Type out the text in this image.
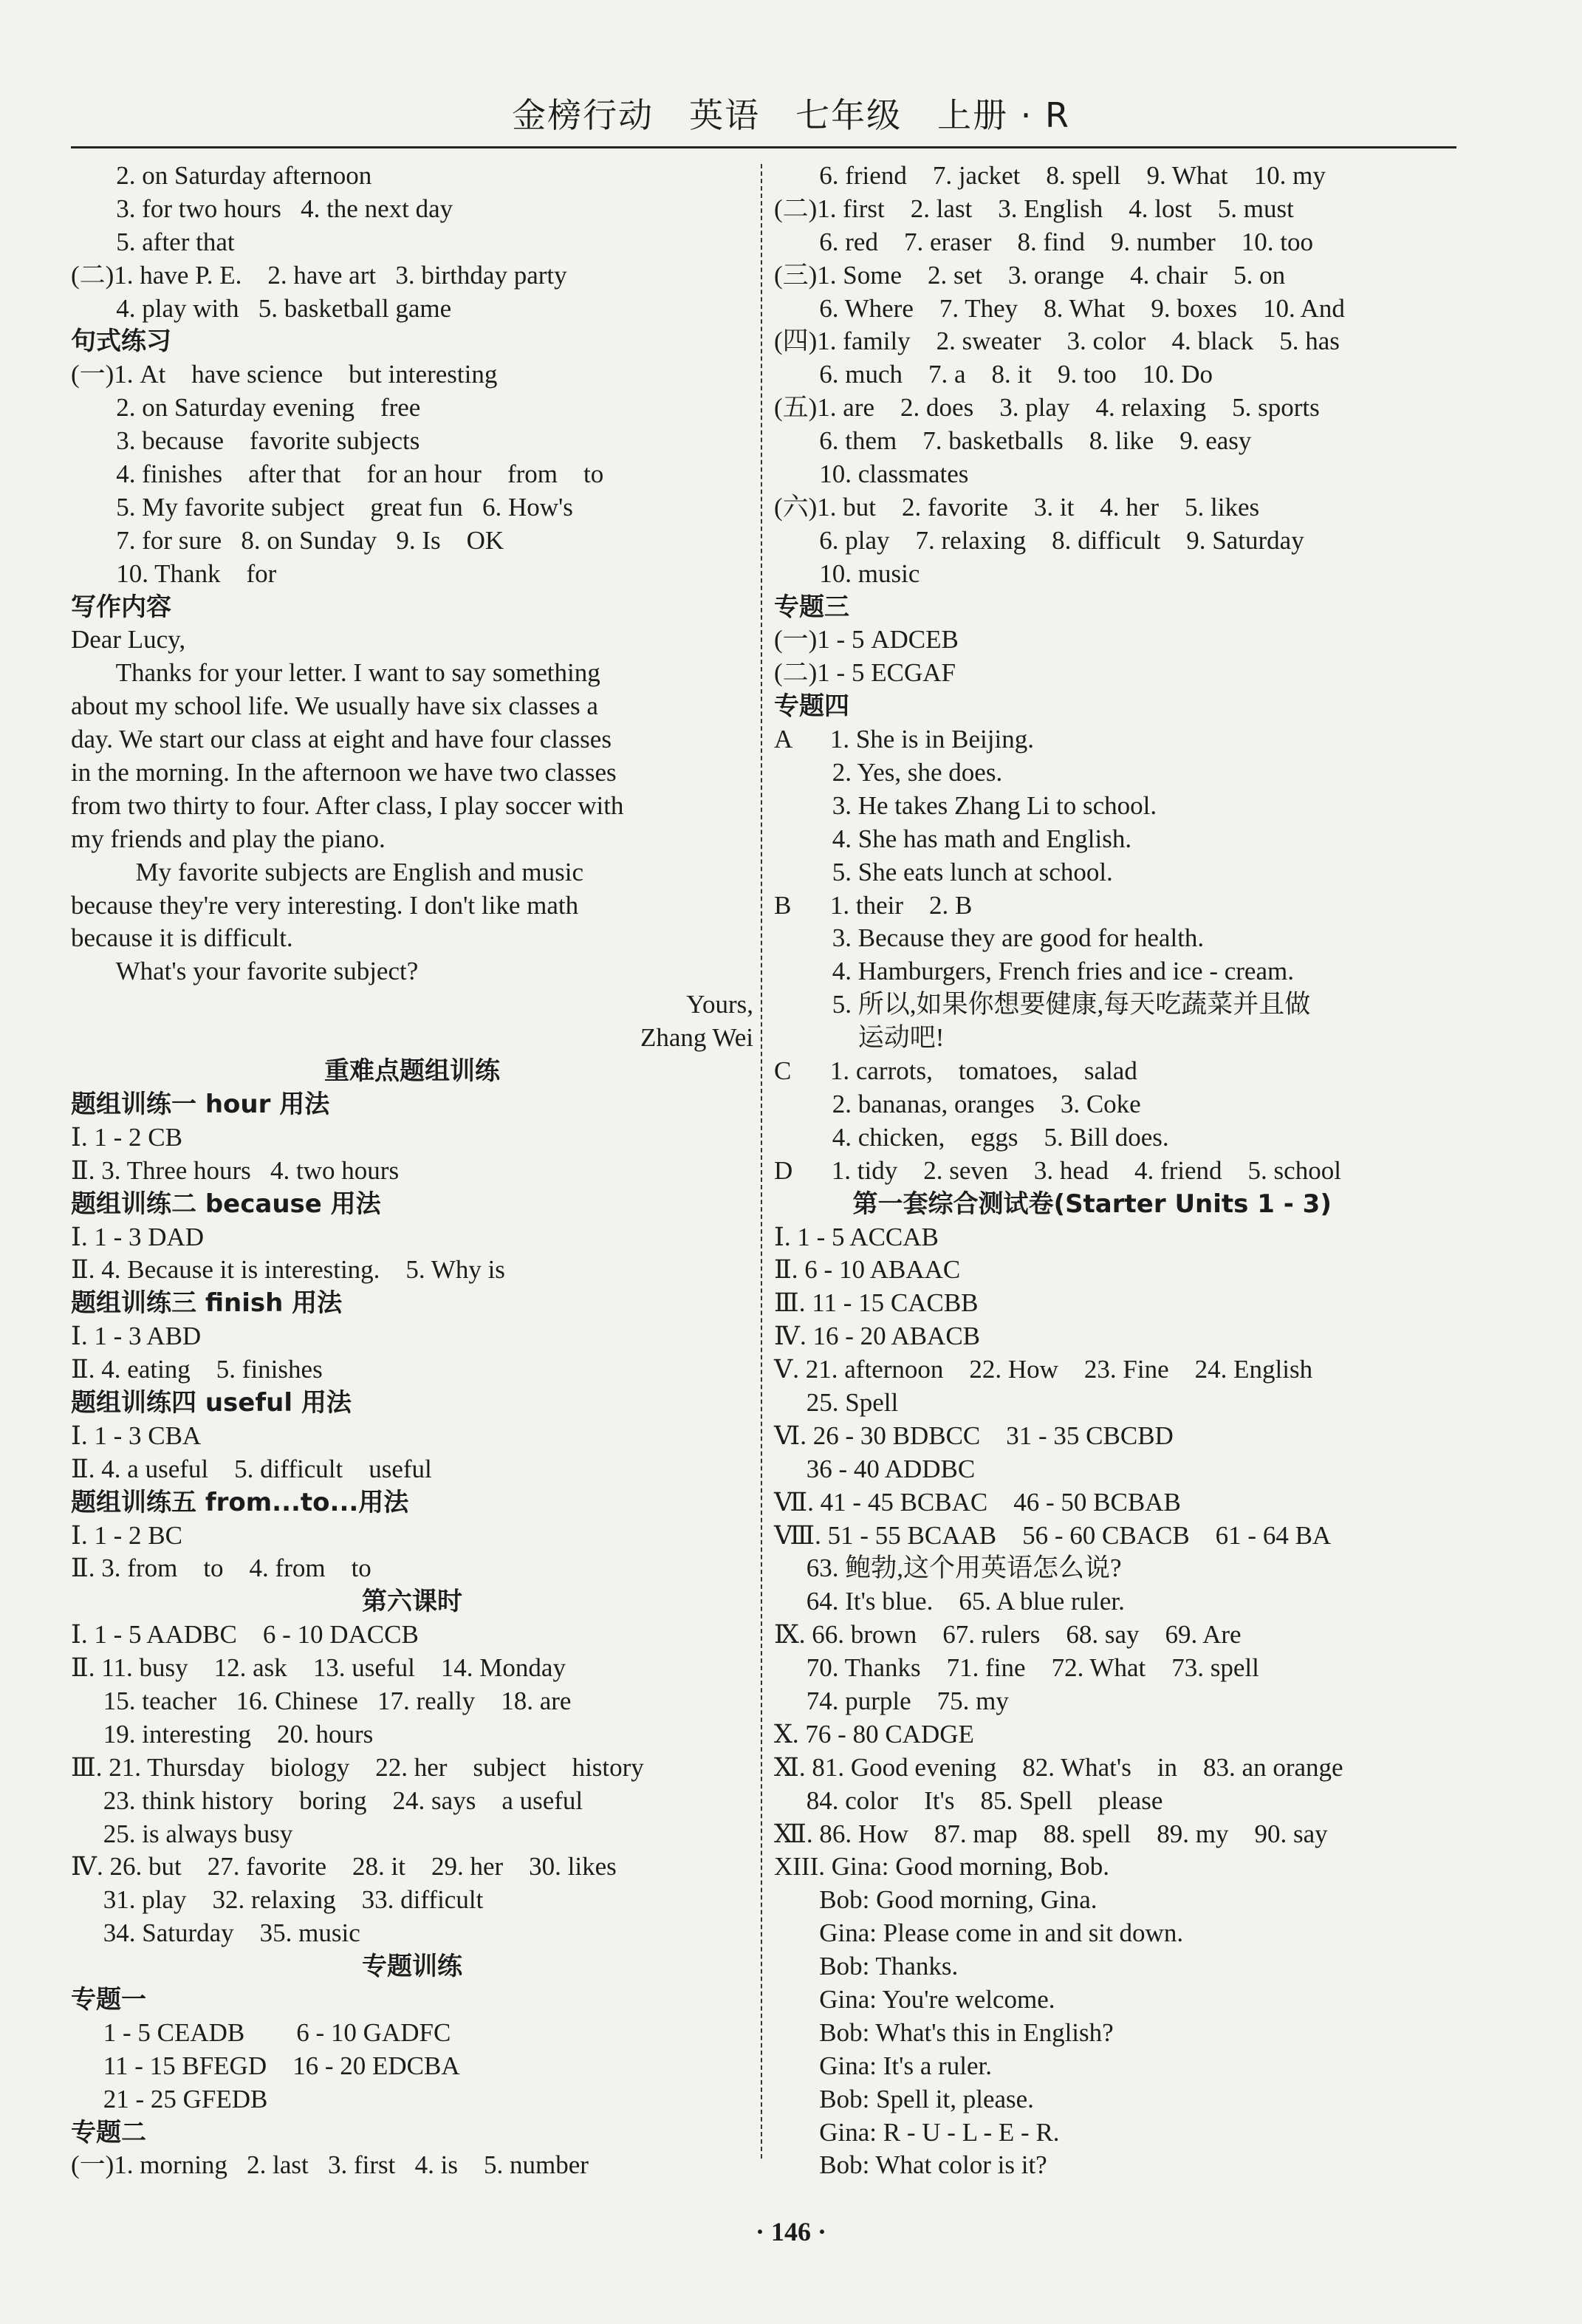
金榜行动　英语　七年级　上册 · R
2. on Saturday afternoon
3. for two hours   4. the next day
5. after that
(二)1. have P. E.    2. have art   3. birthday party
4. play with   5. basketball game
句式练习
(一)1. At    have science    but interesting
2. on Saturday evening    free
3. because    favorite subjects
4. finishes    after that    for an hour    from    to
5. My favorite subject    great fun   6. How's
7. for sure   8. on Sunday   9. Is    OK
10. Thank    for
写作内容
Dear Lucy,
Thanks for your letter. I want to say something
about my school life. We usually have six classes a
day. We start our class at eight and have four classes
in the morning. In the afternoon we have two classes
from two thirty to four. After class, I play soccer with
my friends and play the piano.
My favorite subjects are English and music
because they're very interesting. I don't like math
because it is difficult.
What's your favorite subject?
Yours,
Zhang Wei
重难点题组训练
题组训练一 hour 用法
Ⅰ. 1 - 2 CB
Ⅱ. 3. Three hours   4. two hours
题组训练二 because 用法
Ⅰ. 1 - 3 DAD
Ⅱ. 4. Because it is interesting.    5. Why is
题组训练三 finish 用法
Ⅰ. 1 - 3 ABD
Ⅱ. 4. eating    5. finishes
题组训练四 useful 用法
Ⅰ. 1 - 3 CBA
Ⅱ. 4. a useful    5. difficult    useful
题组训练五 from...to...用法
Ⅰ. 1 - 2 BC
Ⅱ. 3. from    to    4. from    to
第六课时
Ⅰ. 1 - 5 AADBC    6 - 10 DACCB
Ⅱ. 11. busy    12. ask    13. useful    14. Monday
15. teacher   16. Chinese   17. really    18. are
19. interesting    20. hours
Ⅲ. 21. Thursday    biology    22. her    subject    history
23. think history    boring    24. says    a useful
25. is always busy
Ⅳ. 26. but    27. favorite    28. it    29. her    30. likes
31. play    32. relaxing    33. difficult
34. Saturday    35. music
专题训练
专题一
1 - 5 CEADB        6 - 10 GADFC
11 - 15 BFEGD    16 - 20 EDCBA
21 - 25 GFEDB
专题二
(一)1. morning   2. last   3. first   4. is    5. number
6. friend    7. jacket    8. spell    9. What    10. my
(二)1. first    2. last    3. English    4. lost    5. must
6. red    7. eraser    8. find    9. number    10. too
(三)1. Some    2. set    3. orange    4. chair    5. on
6. Where    7. They    8. What    9. boxes    10. And
(四)1. family    2. sweater    3. color    4. black    5. has
6. much    7. a    8. it    9. too    10. Do
(五)1. are    2. does    3. play    4. relaxing    5. sports
6. them    7. basketballs    8. like    9. easy
10. classmates
(六)1. but    2. favorite    3. it    4. her    5. likes
6. play    7. relaxing    8. difficult    9. Saturday
10. music
专题三
(一)1 - 5 ADCEB
(二)1 - 5 ECGAF
专题四
A      1. She is in Beijing.
2. Yes, she does.
3. He takes Zhang Li to school.
4. She has math and English.
5. She eats lunch at school.
B      1. their    2. B
3. Because they are good for health.
4. Hamburgers, French fries and ice - cream.
5. 所以,如果你想要健康,每天吃蔬菜并且做
运动吧!
C      1. carrots,    tomatoes,    salad
2. bananas, oranges    3. Coke
4. chicken,    eggs    5. Bill does.
D      1. tidy    2. seven    3. head    4. friend    5. school
第一套综合测试卷(Starter Units 1 - 3)
Ⅰ. 1 - 5 ACCAB
Ⅱ. 6 - 10 ABAAC
Ⅲ. 11 - 15 CACBB
Ⅳ. 16 - 20 ABACB
Ⅴ. 21. afternoon    22. How    23. Fine    24. English
25. Spell
Ⅵ. 26 - 30 BDBCC    31 - 35 CBCBD
36 - 40 ADDBC
Ⅶ. 41 - 45 BCBAC    46 - 50 BCBAB
Ⅷ. 51 - 55 BCAAB    56 - 60 CBACB    61 - 64 BA
63. 鲍勃,这个用英语怎么说?
64. It's blue.    65. A blue ruler.
Ⅸ. 66. brown    67. rulers    68. say    69. Are
70. Thanks    71. fine    72. What    73. spell
74. purple    75. my
Ⅹ. 76 - 80 CADGE
Ⅺ. 81. Good evening    82. What's    in    83. an orange
84. color    It's    85. Spell    please
Ⅻ. 86. How    87. map    88. spell    89. my    90. say
XIII. Gina: Good morning, Bob.
Bob: Good morning, Gina.
Gina: Please come in and sit down.
Bob: Thanks.
Gina: You're welcome.
Bob: What's this in English?
Gina: It's a ruler.
Bob: Spell it, please.
Gina: R - U - L - E - R.
Bob: What color is it?
· 146 ·
